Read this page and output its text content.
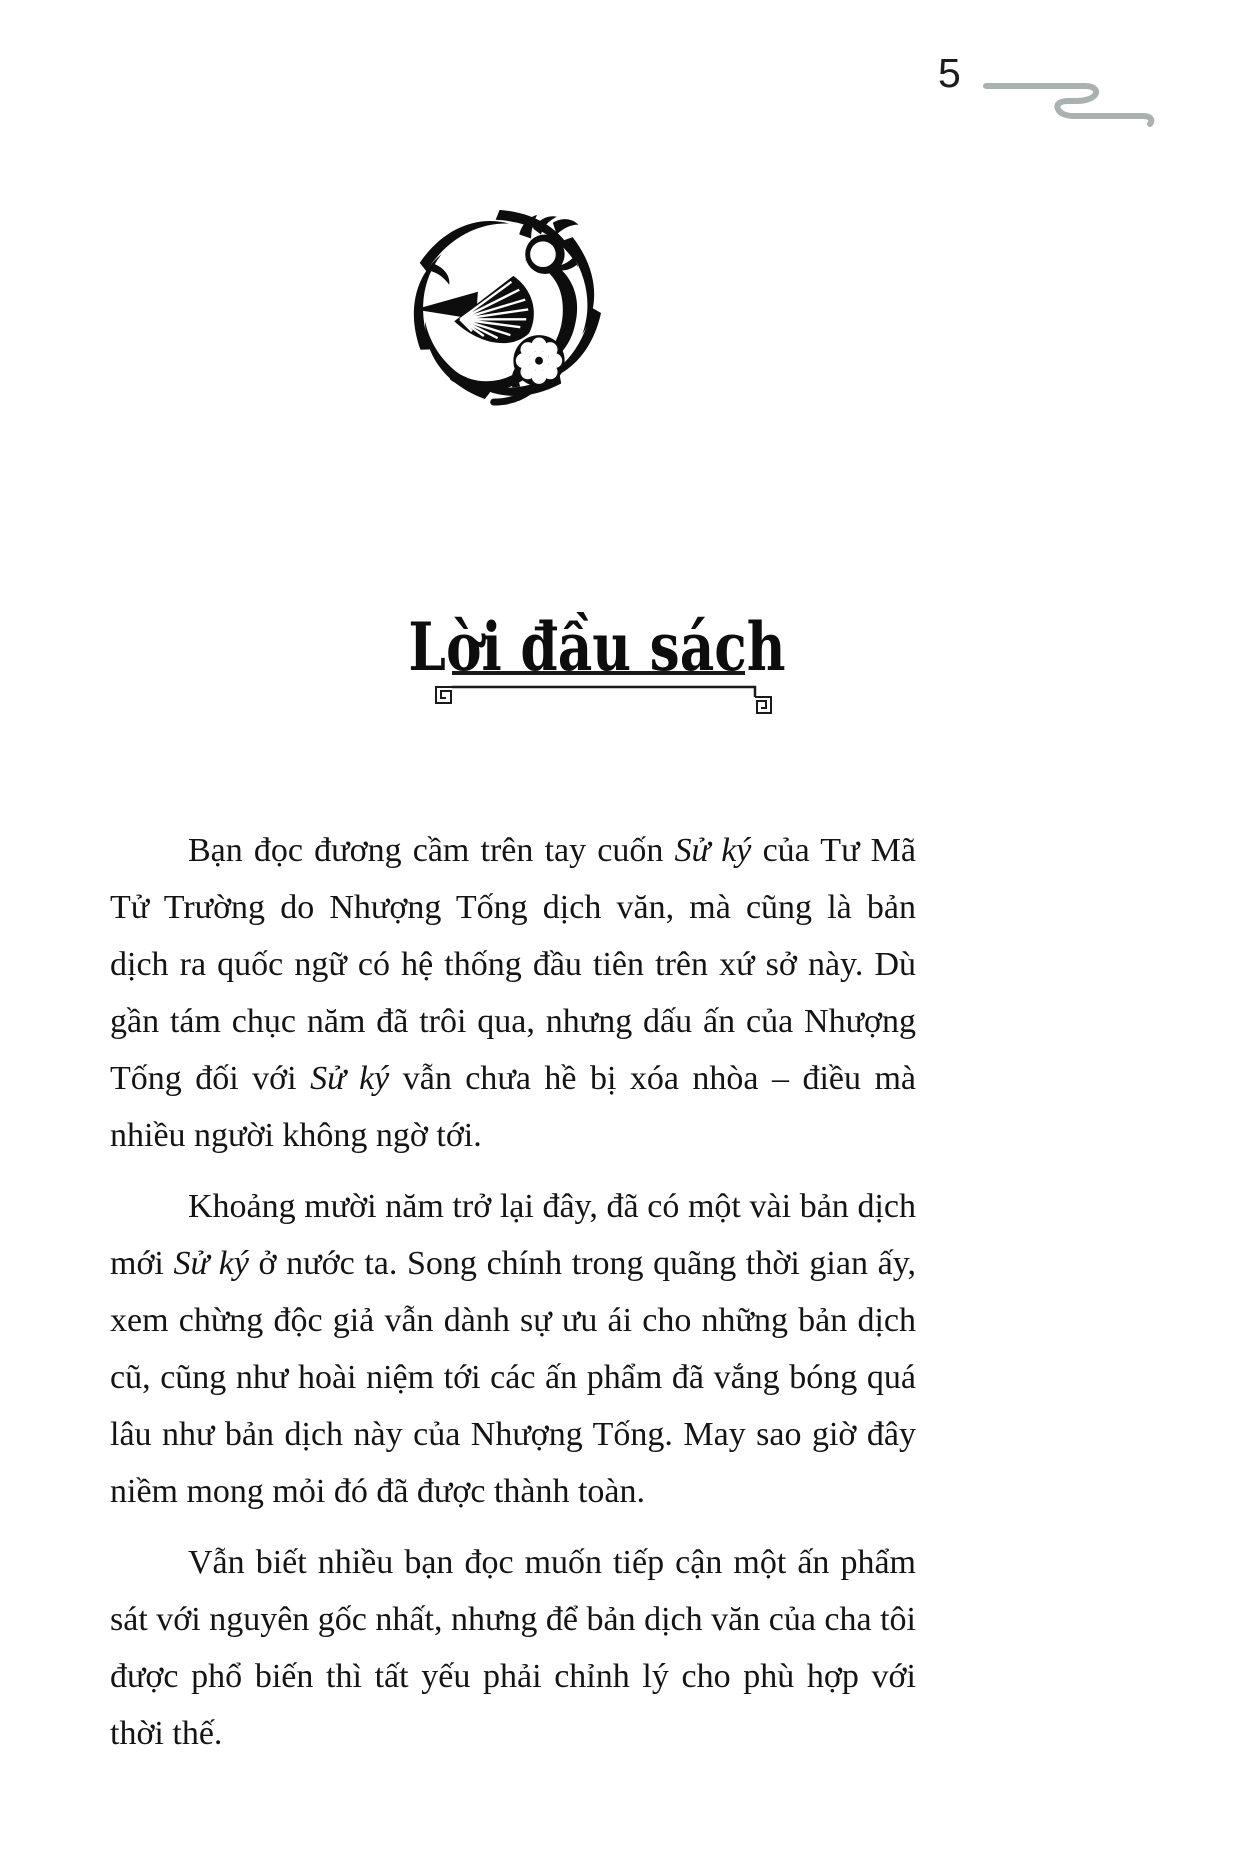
5
Lời đầu sách

Bạn đọc đương cầm trên tay cuốn Sử ký của Tư Mã Tử Trường do Nhượng Tống dịch văn, mà cũng là bản dịch ra quốc ngữ có hệ thống đầu tiên trên xứ sở này. Dù gần tám chục năm đã trôi qua, nhưng dấu ấn của Nhượng Tống đối với Sử ký vẫn chưa hề bị xóa nhòa – điều mà nhiều người không ngờ tới.

Khoảng mười năm trở lại đây, đã có một vài bản dịch mới Sử ký ở nước ta. Song chính trong quãng thời gian ấy, xem chừng độc giả vẫn dành sự ưu ái cho những bản dịch cũ, cũng như hoài niệm tới các ấn phẩm đã vắng bóng quá lâu như bản dịch này của Nhượng Tống. May sao giờ đây niềm mong mỏi đó đã được thành toàn.

Vẫn biết nhiều bạn đọc muốn tiếp cận một ấn phẩm sát với nguyên gốc nhất, nhưng để bản dịch văn của cha tôi được phổ biến thì tất yếu phải chỉnh lý cho phù hợp với thời thế.
